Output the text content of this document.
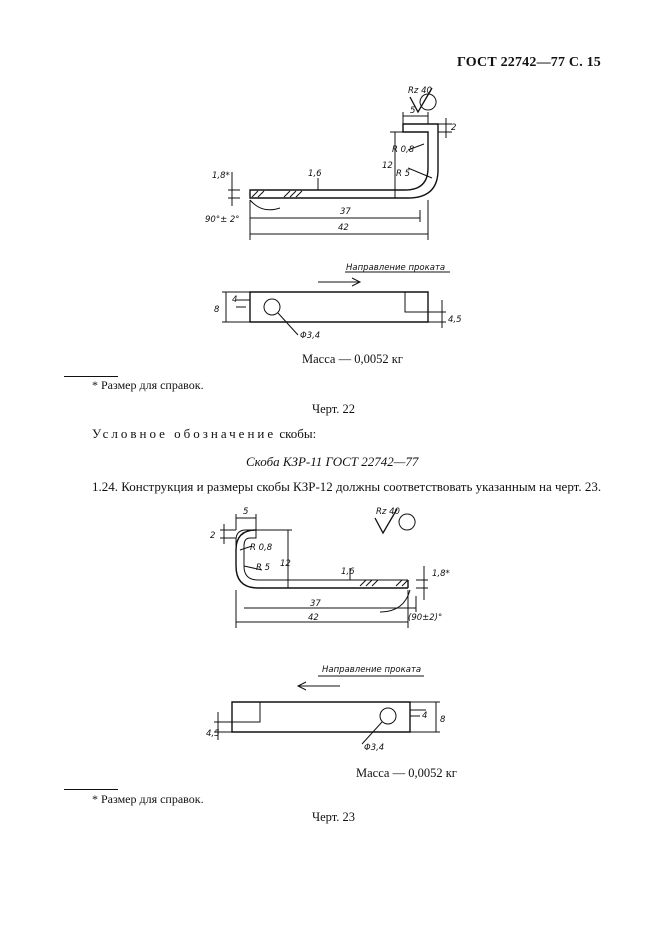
ГОСТ 22742—77 С. 15
Rz 40
5
2
R 0,8
12
R 5
1,6
1,8*
90°± 2°
37
42
Направление проката
8
4
4,5
Φ3,4
Масса — 0,0052 кг
* Размер для справок.
Черт. 22
Условное обозначение скобы:
Скоба КЗР-11 ГОСТ 22742—77
1.24. Конструкция и размеры скобы КЗР-12 должны соответствовать указанным на черт. 23.
Rz 40
5
2
R 0,8
12
R 5	1,6	1,8*
(90±2)°
37
42
Направление проката
8
4
4,5
Φ3,4
Масса — 0,0052 кг
* Размер для справок.
Черт. 23
